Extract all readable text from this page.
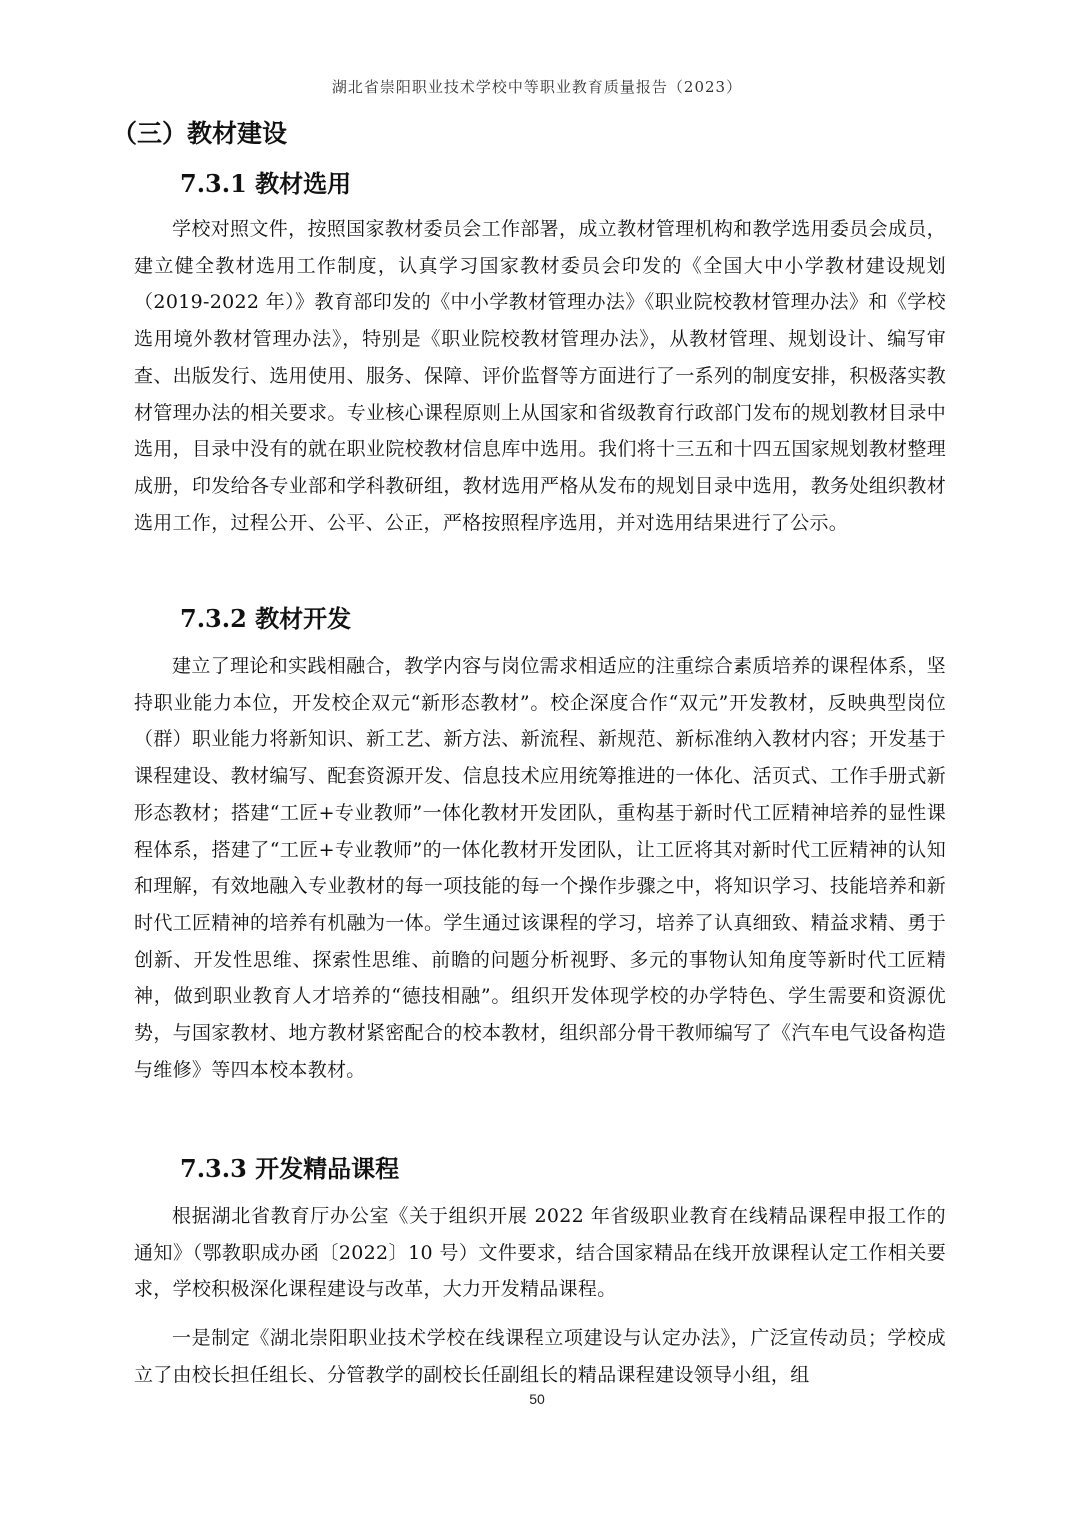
湖北省崇阳职业技术学校中等职业教育质量报告（2023）
（三）教材建设
7.3.1 教材选用

学校对照文件，按照国家教材委员会工作部署，成立教材管理机构和教学选用委员会成员，建立健全教材选用工作制度，认真学习国家教材委员会印发的《全国大中小学教材建设规划（2019-2022 年）》教育部印发的《中小学教材管理办法》《职业院校教材管理办法》和《学校选用境外教材管理办法》，特别是《职业院校教材管理办法》，从教材管理、规划设计、编写审查、出版发行、选用使用、服务、保障、评价监督等方面进行了一系列的制度安排，积极落实教材管理办法的相关要求。专业核心课程原则上从国家和省级教育行政部门发布的规划教材目录中选用，目录中没有的就在职业院校教材信息库中选用。我们将十三五和十四五国家规划教材整理成册，印发给各专业部和学科教研组，教材选用严格从发布的规划目录中选用，教务处组织教材选用工作，过程公开、公平、公正，严格按照程序选用，并对选用结果进行了公示。

7.3.2 教材开发

建立了理论和实践相融合，教学内容与岗位需求相适应的注重综合素质培养的课程体系，坚持职业能力本位，开发校企双元“新形态教材”。校企深度合作“双元”开发教材，反映典型岗位（群）职业能力将新知识、新工艺、新方法、新流程、新规范、新标准纳入教材内容；开发基于课程建设、教材编写、配套资源开发、信息技术应用统筹推进的一体化、活页式、工作手册式新形态教材；搭建“工匠+专业教师”一体化教材开发团队，重构基于新时代工匠精神培养的显性课程体系，搭建了“工匠+专业教师”的一体化教材开发团队，让工匠将其对新时代工匠精神的认知和理解，有效地融入专业教材的每一项技能的每一个操作步骤之中，将知识学习、技能培养和新时代工匠精神的培养有机融为一体。学生通过该课程的学习，培养了认真细致、精益求精、勇于创新、开发性思维、探索性思维、前瞻的问题分析视野、多元的事物认知角度等新时代工匠精神，做到职业教育人才培养的“德技相融”。组织开发体现学校的办学特色、学生需要和资源优势，与国家教材、地方教材紧密配合的校本教材，组织部分骨干教师编写了《汽车电气设备构造与维修》等四本校本教材。

7.3.3 开发精品课程

根据湖北省教育厅办公室《关于组织开展 2022 年省级职业教育在线精品课程申报工作的通知》（鄂教职成办函〔2022〕10 号）文件要求，结合国家精品在线开放课程认定工作相关要求，学校积极深化课程建设与改革，大力开发精品课程。

一是制定《湖北崇阳职业技术学校在线课程立项建设与认定办法》，广泛宣传动员；学校成立了由校长担任组长、分管教学的副校长任副组长的精品课程建设领导小组，组

50
